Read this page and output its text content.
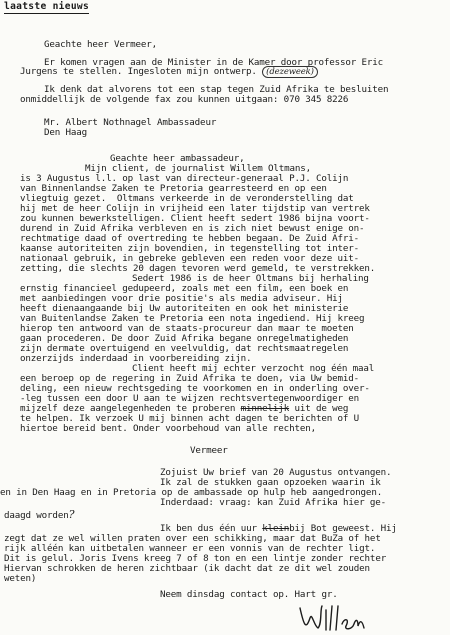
laatste nieuws
Geachte heer Vermeer,
Er komen vragen aan de Minister in de Kamer door professor Eric
Jurgens te stellen. Ingesloten mijn ontwerp. (dezeweek)
Ik denk dat alvorens tot een stap tegen Zuid Afrika te besluiten
onmiddellijk de volgende fax zou kunnen uitgaan: 070 345 8226
Mr. Albert Nothnagel Ambassadeur
Den Haag
Geachte heer ambassadeur,
Mijn client, de journalist Willem Oltmans,
is 3 Augustus l.l. op last van directeur-generaal P.J. Colijn
van Binnenlandse Zaken te Pretoria gearresteerd en op een
vliegtuig gezet.  Oltmans verkeerde in de veronderstelling dat
hij met de heer Colijn in vrijheid een later tijdstip van vertrek
zou kunnen bewerkstelligen. Client heeft sedert 1986 bijna voort-
durend in Zuid Afrika verbleven en is zich niet bewust enige on-
rechtmatige daad of overtreding te hebben begaan. De Zuid Afri-
kaanse autoriteiten zijn bovendien, in tegenstelling tot inter-
nationaal gebruik, in gebreke gebleven een reden voor deze uit-
zetting, die slechts 20 dagen tevoren werd gemeld, te verstrekken.
Sedert 1986 is de heer Oltmans bij herhaling
ernstig financieel gedupeerd, zoals met een film, een boek en
met aanbiedingen voor drie positie's als media adviseur. Hij
heeft dienaangaande bij Uw autoriteiten en ook het ministerie
van Buitenlandse Zaken te Pretoria een nota ingediend. Hij kreeg
hierop ten antwoord van de staats-procureur dan maar te moeten
gaan procederen. De door Zuid Afrika begane onregelmatigheden
zijn dermate overtuigend en veelvuldig, dat rechtsmaatregelen
onzerzijds inderdaad in voorbereiding zijn.
Client heeft mij echter verzocht nog één maal
een beroep op de regering in Zuid Afrika te doen, via Uw bemid-
deling, een nieuw rechtsgeding te voorkomen en in onderling over-
-leg tussen een door U aan te wijzen rechtsvertegenwoordiger en
mijzelf deze aangelegenheden te proberen minnelijk uit de weg
te helpen. Ik verzoek U mij binnen acht dagen te berichten of U
hiertoe bereid bent. Onder voorbehoud van alle rechten,
Vermeer
Zojuist Uw brief van 20 Augustus ontvangen.
Ik zal de stukken gaan opzoeken waarin ik
en in Den Haag en in Pretoria op de ambassade op hulp heb aangedrongen.
Inderdaad: vraag: kan Zuid Afrika hier ge-
daagd worden?
Ik ben dus één uur kleinbij Bot geweest. Hij
zegt dat ze wel willen praten over een schikking, maar dat BuZa of het
rijk alléén kan uitbetalen wanneer er een vonnis van de rechter ligt.
Dit is gelul. Joris Ivens kreeg 7 of 8 ton en een lintje zonder rechter
Hiervan schrokken de heren zichtbaar (ik dacht dat ze dit wel zouden
weten)
Neem dinsdag contact op. Hart gr.
